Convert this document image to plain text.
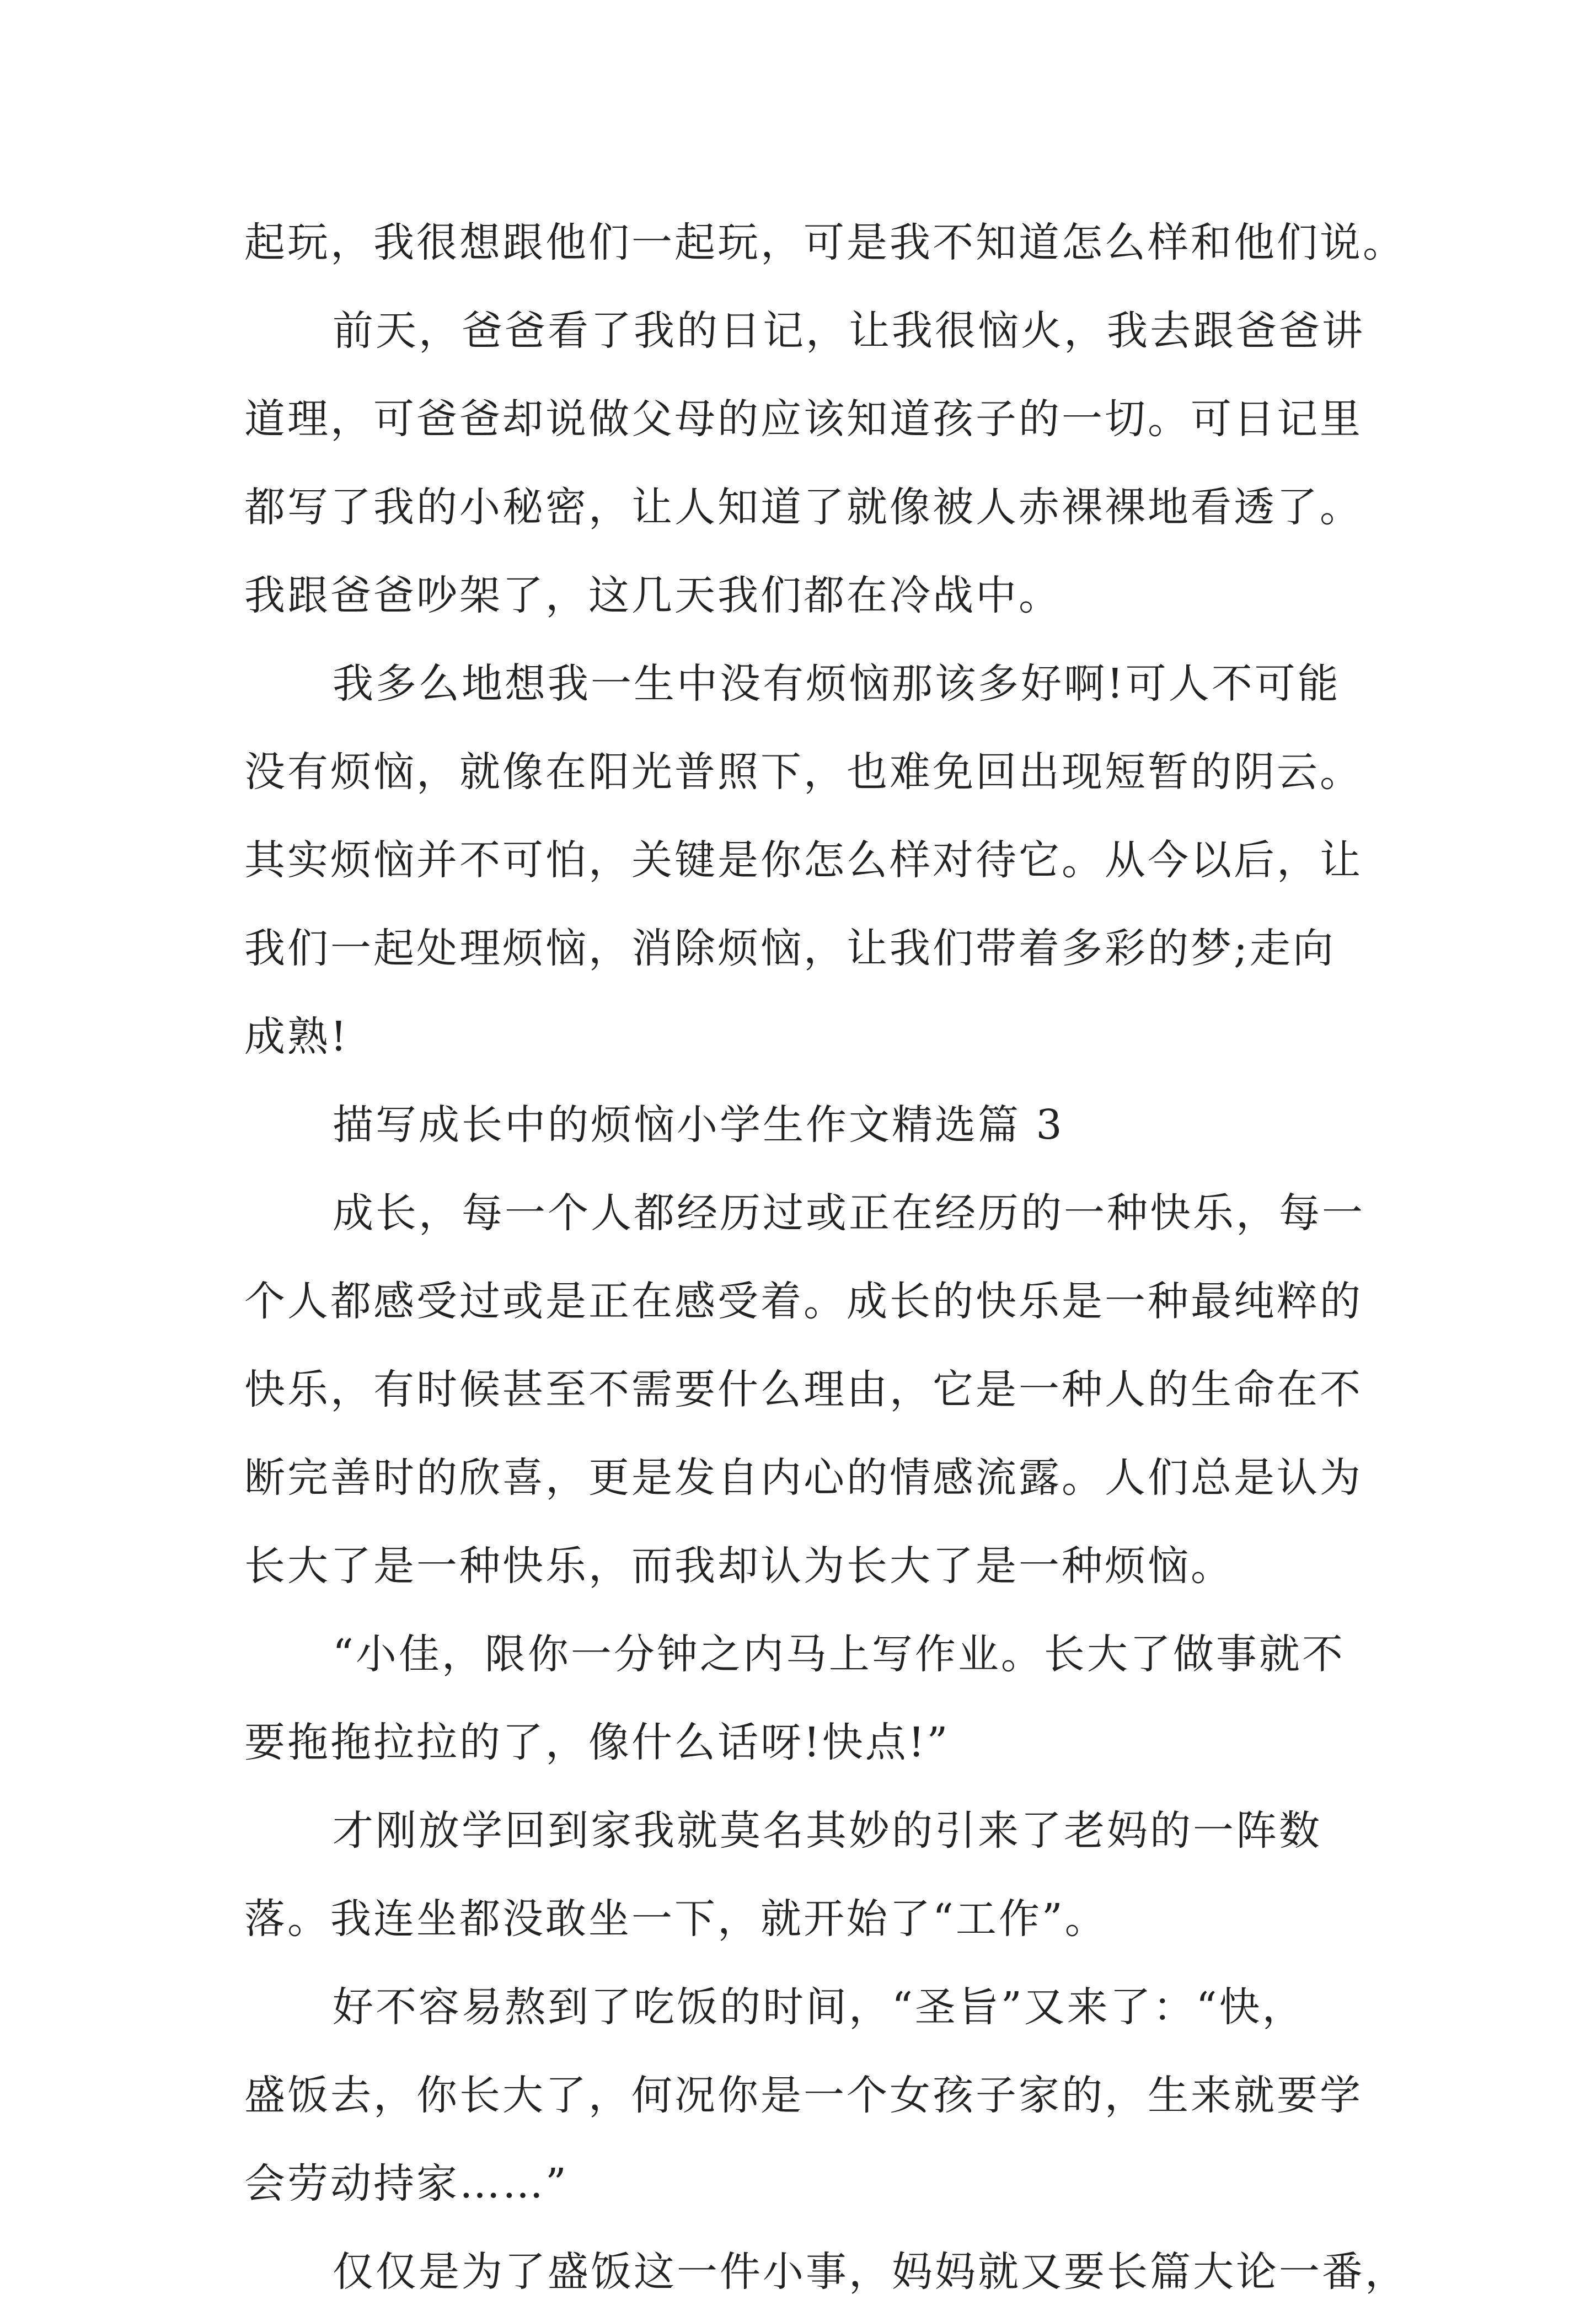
起玩，我很想跟他们一起玩，可是我不知道怎么样和他们说。
前天，爸爸看了我的日记，让我很恼火，我去跟爸爸讲
道理，可爸爸却说做父母的应该知道孩子的一切。可日记里
都写了我的小秘密，让人知道了就像被人赤裸裸地看透了。
我跟爸爸吵架了，这几天我们都在冷战中。
我多么地想我一生中没有烦恼那该多好啊!可人不可能
没有烦恼，就像在阳光普照下，也难免回出现短暂的阴云。
其实烦恼并不可怕，关键是你怎么样对待它。从今以后，让
我们一起处理烦恼，消除烦恼，让我们带着多彩的梦;走向
成熟!
描写成长中的烦恼小学生作文精选篇 3
成长，每一个人都经历过或正在经历的一种快乐，每一
个人都感受过或是正在感受着。成长的快乐是一种最纯粹的
快乐，有时候甚至不需要什么理由，它是一种人的生命在不
断完善时的欣喜，更是发自内心的情感流露。人们总是认为
长大了是一种快乐，而我却认为长大了是一种烦恼。
“小佳，限你一分钟之内马上写作业。长大了做事就不
要拖拖拉拉的了，像什么话呀!快点!”
才刚放学回到家我就莫名其妙的引来了老妈的一阵数
落。我连坐都没敢坐一下，就开始了“工作”。
好不容易熬到了吃饭的时间，“圣旨”又来了：“快，
盛饭去，你长大了，何况你是一个女孩子家的，生来就要学
会劳动持家……”
仅仅是为了盛饭这一件小事，妈妈就又要长篇大论一番，
